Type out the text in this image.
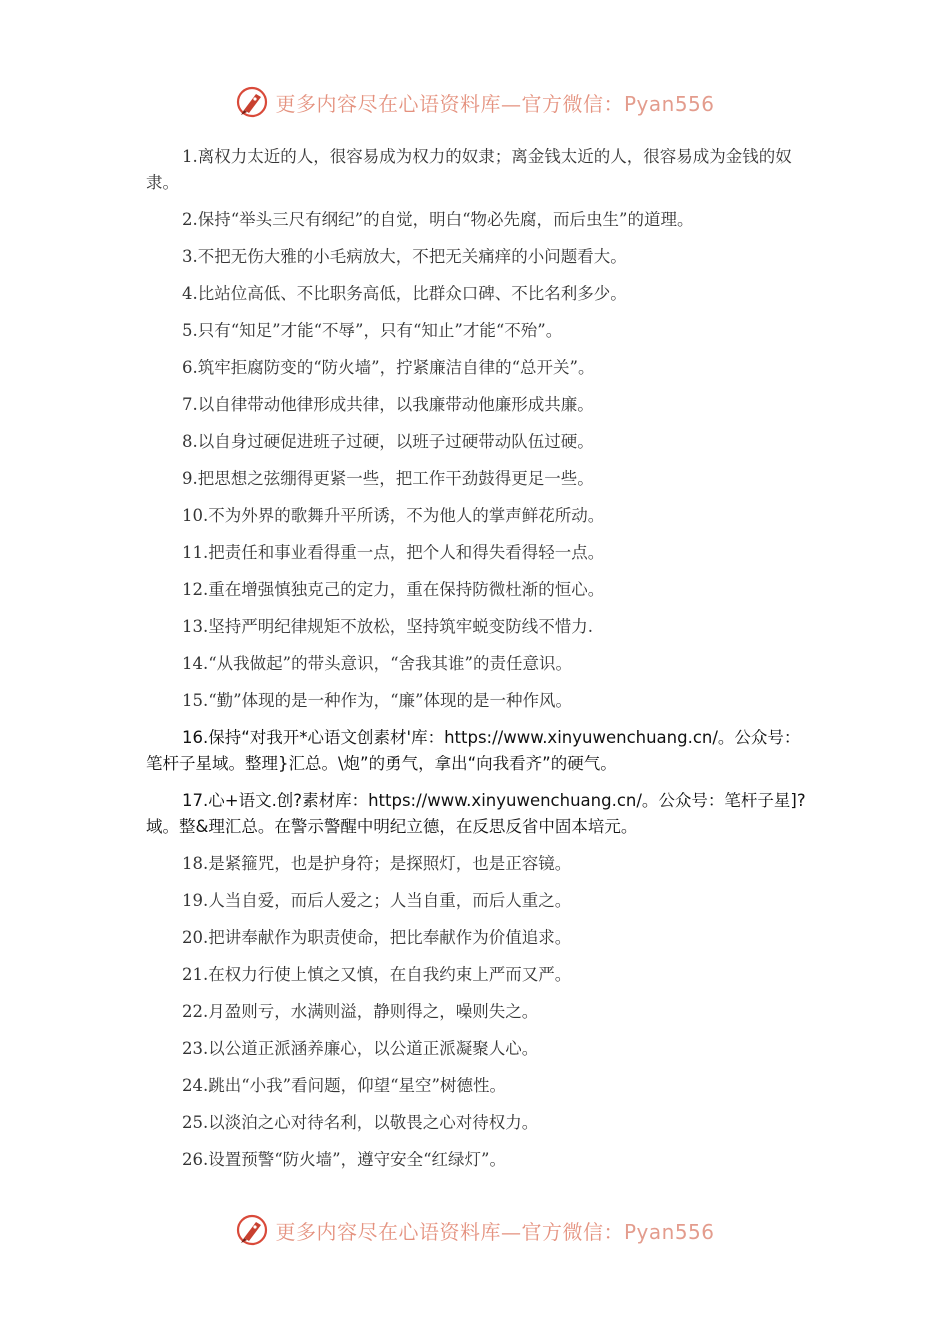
更多内容尽在心语资料库—官方微信：Pyan556

1.离权力太近的人，很容易成为权力的奴隶；离金钱太近的人，很容易成为金钱的奴隶。

2.保持“举头三尺有纲纪”的自觉，明白“物必先腐，而后虫生”的道理。

3.不把无伤大雅的小毛病放大，不把无关痛痒的小问题看大。

4.比站位高低、不比职务高低，比群众口碑、不比名利多少。

5.只有“知足”才能“不辱”，只有“知止”才能“不殆”。

6.筑牢拒腐防变的“防火墙”，拧紧廉洁自律的“总开关”。

7.以自律带动他律形成共律，以我廉带动他廉形成共廉。

8.以自身过硬促进班子过硬，以班子过硬带动队伍过硬。

9.把思想之弦绷得更紧一些，把工作干劲鼓得更足一些。

10.不为外界的歌舞升平所诱，不为他人的掌声鲜花所动。

11.把责任和事业看得重一点，把个人和得失看得轻一点。

12.重在增强慎独克己的定力，重在保持防微杜渐的恒心。

13.坚持严明纪律规矩不放松，坚持筑牢蜕变防线不惜力.

14.“从我做起”的带头意识，“舍我其谁”的责任意识。

15.“勤”体现的是一种作为，“廉”体现的是一种作风。

16.保持“对我开*心语文创素材'库：https://www.xinyuwenchuang.cn/。公众号：笔杆子星域。整理}汇总。\炮”的勇气，拿出“向我看齐”的硬气。

17.心+语文.创?素材库：https://www.xinyuwenchuang.cn/。公众号：笔杆子星]?域。整&理汇总。在警示警醒中明纪立德，在反思反省中固本培元。

18.是紧箍咒，也是护身符；是探照灯，也是正容镜。

19.人当自爱，而后人爱之；人当自重，而后人重之。

20.把讲奉献作为职责使命，把比奉献作为价值追求。

21.在权力行使上慎之又慎，在自我约束上严而又严。

22.月盈则亏，水满则溢，静则得之，噪则失之。

23.以公道正派涵养廉心，以公道正派凝聚人心。

24.跳出“小我”看问题，仰望“星空”树德性。

25.以淡泊之心对待名利，以敬畏之心对待权力。

26.设置预警“防火墙”，遵守安全“红绿灯”。

更多内容尽在心语资料库—官方微信：Pyan556
